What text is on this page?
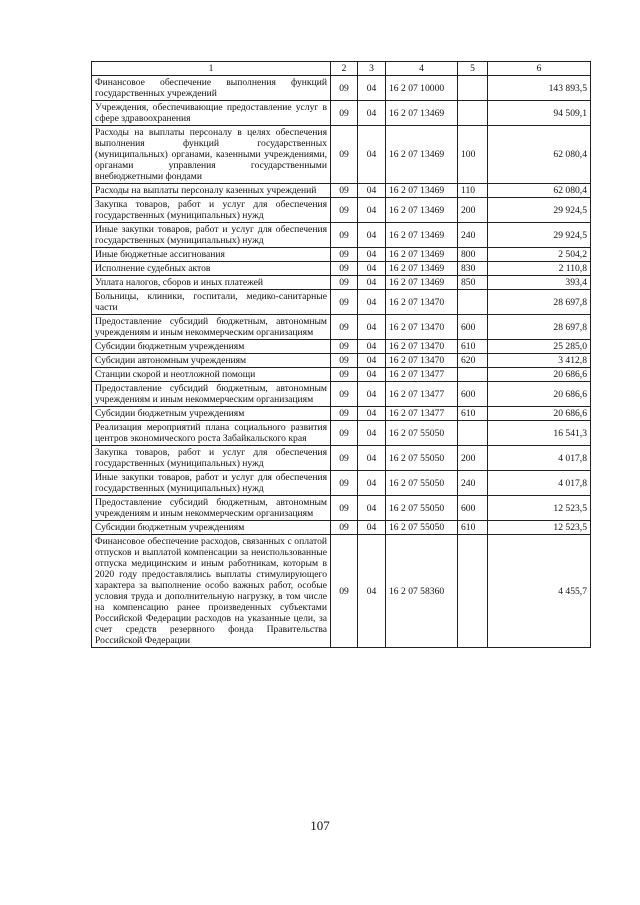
1	2	3	4	5	6
Финансовое обеспечение выполнения функций государственных учреждений	09	04	16 2 07 10000		143 893,5
Учреждения, обеспечивающие предоставление услуг в сфере здравоохранения	09	04	16 2 07 13469		94 509,1
Расходы на выплаты персоналу в целях обеспечения выполнения функций государственных (муниципальных) органами, казенными учреждениями, органами управления государственными внебюджетными фондами	09	04	16 2 07 13469	100	62 080,4
Расходы на выплаты персоналу казенных учреждений	09	04	16 2 07 13469	110	62 080,4
Закупка товаров, работ и услуг для обеспечения государственных (муниципальных) нужд	09	04	16 2 07 13469	200	29 924,5
Иные закупки товаров, работ и услуг для обеспечения государственных (муниципальных) нужд	09	04	16 2 07 13469	240	29 924,5
Иные бюджетные ассигнования	09	04	16 2 07 13469	800	2 504,2
Исполнение судебных актов	09	04	16 2 07 13469	830	2 110,8
Уплата налогов, сборов и иных платежей	09	04	16 2 07 13469	850	393,4
Больницы, клиники, госпитали, медико-санитарные части	09	04	16 2 07 13470		28 697,8
Предоставление субсидий бюджетным, автономным учреждениям и иным некоммерческим организациям	09	04	16 2 07 13470	600	28 697,8
Субсидии бюджетным учреждениям	09	04	16 2 07 13470	610	25 285,0
Субсидии автономным учреждениям	09	04	16 2 07 13470	620	3 412,8
Станции скорой и неотложной помощи	09	04	16 2 07 13477		20 686,6
Предоставление субсидий бюджетным, автономным учреждениям и иным некоммерческим организациям	09	04	16 2 07 13477	600	20 686,6
Субсидии бюджетным учреждениям	09	04	16 2 07 13477	610	20 686,6
Реализация мероприятий плана социального развития центров экономического роста Забайкальского края	09	04	16 2 07 55050		16 541,3
Закупка товаров, работ и услуг для обеспечения государственных (муниципальных) нужд	09	04	16 2 07 55050	200	4 017,8
Иные закупки товаров, работ и услуг для обеспечения государственных (муниципальных) нужд	09	04	16 2 07 55050	240	4 017,8
Предоставление субсидий бюджетным, автономным учреждениям и иным некоммерческим организациям	09	04	16 2 07 55050	600	12 523,5
Субсидии бюджетным учреждениям	09	04	16 2 07 55050	610	12 523,5
Финансовое обеспечение расходов, связанных с оплатой отпусков и выплатой компенсации за неиспользованные отпуска медицинским и иным работникам, которым в 2020 году предоставлялись выплаты стимулирующего характера за выполнение особо важных работ, особые условия труда и дополнительную нагрузку, в том числе на компенсацию ранее произведенных субъектами Российской Федерации расходов на указанные цели, за счет средств резервного фонда Правительства Российской Федерации	09	04	16 2 07 58360		4 455,7
107
